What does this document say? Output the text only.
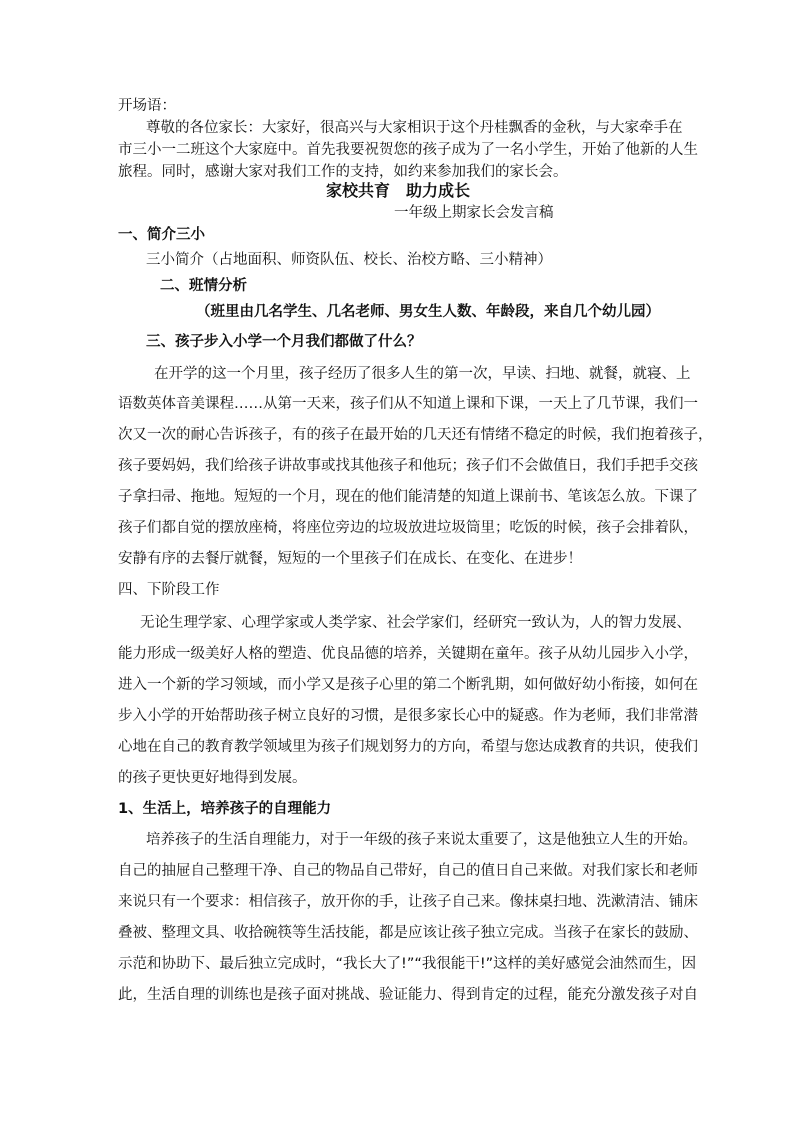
开场语：
尊敬的各位家长：大家好，很高兴与大家相识于这个丹桂飘香的金秋，与大家牵手在
市三小一二班这个大家庭中。首先我要祝贺您的孩子成为了一名小学生，开始了他新的人生
旅程。同时，感谢大家对我们工作的支持，如约来参加我们的家长会。
家校共育　助力成长
一年级上期家长会发言稿
一、简介三小
三小简介（占地面积、师资队伍、校长、治校方略、三小精神）
二、班情分析
（班里由几名学生、几名老师、男女生人数、年龄段，来自几个幼儿园）
三、孩子步入小学一个月我们都做了什么？
在开学的这一个月里，孩子经历了很多人生的第一次，早读、扫地、就餐，就寝、上
语数英体音美课程……从第一天来，孩子们从不知道上课和下课，一天上了几节课，我们一
次又一次的耐心告诉孩子，有的孩子在最开始的几天还有情绪不稳定的时候，我们抱着孩子，
孩子要妈妈，我们给孩子讲故事或找其他孩子和他玩；孩子们不会做值日，我们手把手交孩
子拿扫帚、拖地。短短的一个月，现在的他们能清楚的知道上课前书、笔该怎么放。下课了
孩子们都自觉的摆放座椅，将座位旁边的垃圾放进垃圾筒里；吃饭的时候，孩子会排着队，
安静有序的去餐厅就餐，短短的一个里孩子们在成长、在变化、在进步！
四、下阶段工作
无论生理学家、心理学家或人类学家、社会学家们，经研究一致认为，人的智力发展、
能力形成一级美好人格的塑造、优良品德的培养，关键期在童年。孩子从幼儿园步入小学，
进入一个新的学习领域，而小学又是孩子心里的第二个断乳期，如何做好幼小衔接，如何在
步入小学的开始帮助孩子树立良好的习惯，是很多家长心中的疑惑。作为老师，我们非常潜
心地在自己的教育教学领域里为孩子们规划努力的方向，希望与您达成教育的共识，使我们
的孩子更快更好地得到发展。
1、生活上，培养孩子的自理能力
培养孩子的生活自理能力，对于一年级的孩子来说太重要了，这是他独立人生的开始。
自己的抽屉自己整理干净、自己的物品自己带好，自己的值日自己来做。对我们家长和老师
来说只有一个要求：相信孩子，放开你的手，让孩子自己来。像抹桌扫地、洗漱清洁、铺床
叠被、整理文具、收拾碗筷等生活技能，都是应该让孩子独立完成。当孩子在家长的鼓励、
示范和协助下、最后独立完成时，“我长大了!”“我很能干!”这样的美好感觉会油然而生，因
此，生活自理的训练也是孩子面对挑战、验证能力、得到肯定的过程，能充分激发孩子对自
